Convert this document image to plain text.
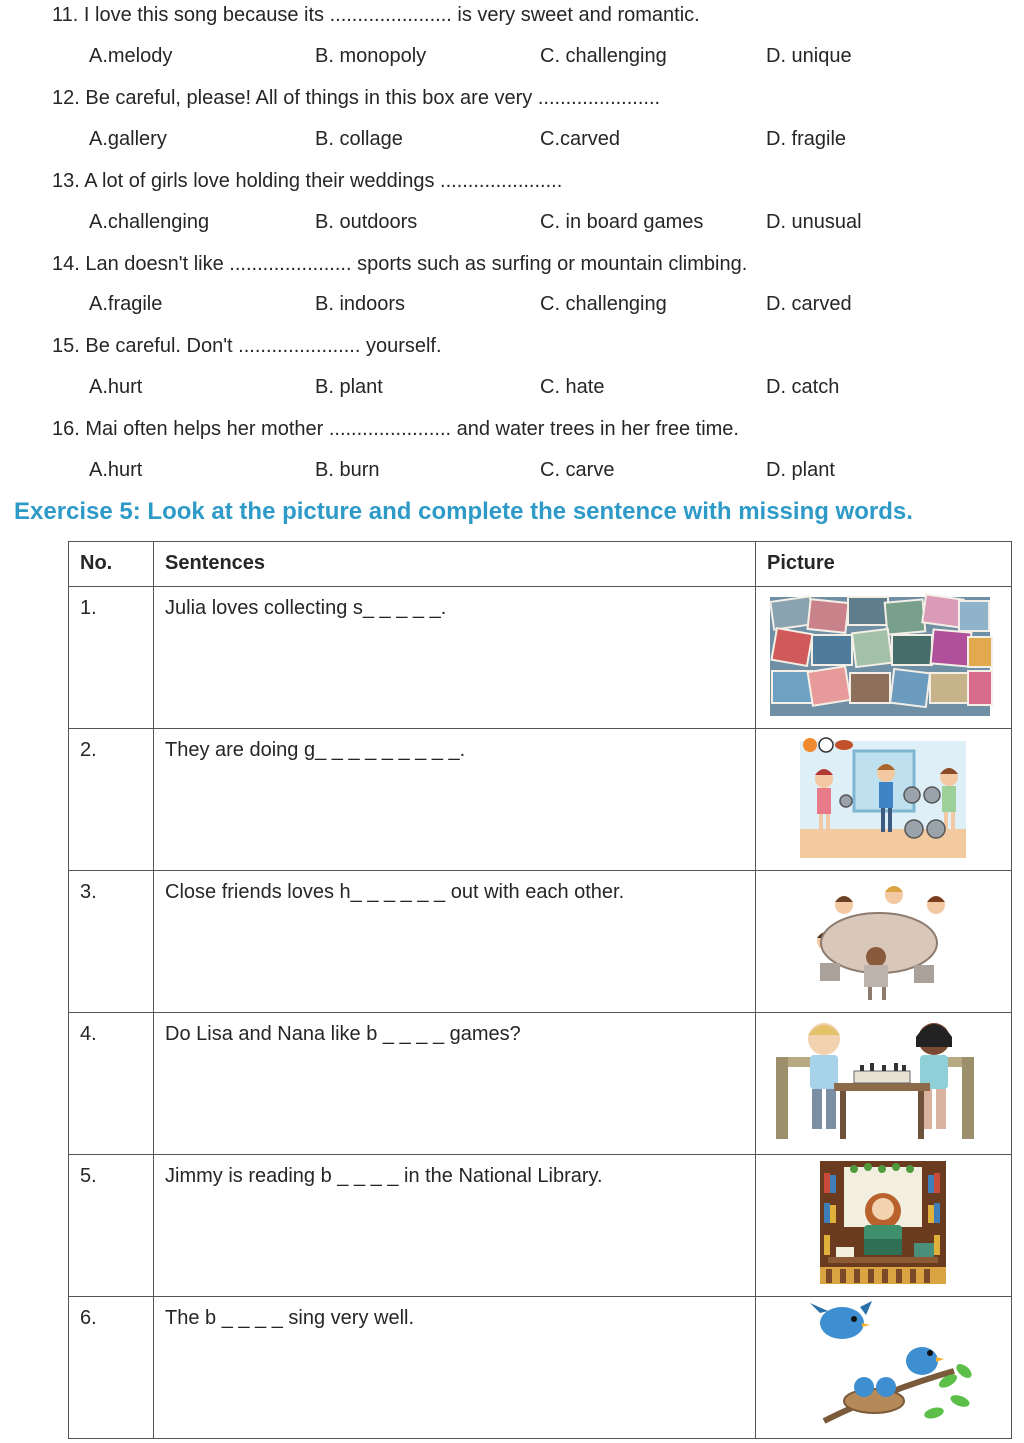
11. I love this song because its ...................... is very sweet and romantic.
A.melody	B. monopoly	C. challenging	D. unique
12. Be careful, please! All of things in this box are very ......................
A.gallery	B. collage	C.carved	D. fragile
13. A lot of girls love holding their weddings ......................
A.challenging	B. outdoors	C. in board games	D. unusual
14. Lan doesn't like ...................... sports such as surfing or mountain climbing.
A.fragile	B. indoors	C. challenging	D. carved
15. Be careful. Don't ...................... yourself.
A.hurt	B. plant	C. hate	D. catch
16. Mai often helps her mother ...................... and water trees in her free time.
A.hurt	B. burn	C. carve	D. plant
Exercise 5: Look at the picture and complete the sentence with missing words.
No.	Sentences	Picture
1.	Julia loves collecting s_ _ _ _ _.	

2.	They are doing g_ _ _ _ _ _ _ _ _.	

3.	Close friends loves h_ _ _ _ _ _ out with each other.	

4.	Do Lisa and Nana like b _ _ _ _ games?	

5.	Jimmy is reading b _ _ _ _ in the National Library.	

6.	The b _ _ _ _ sing very well.	
